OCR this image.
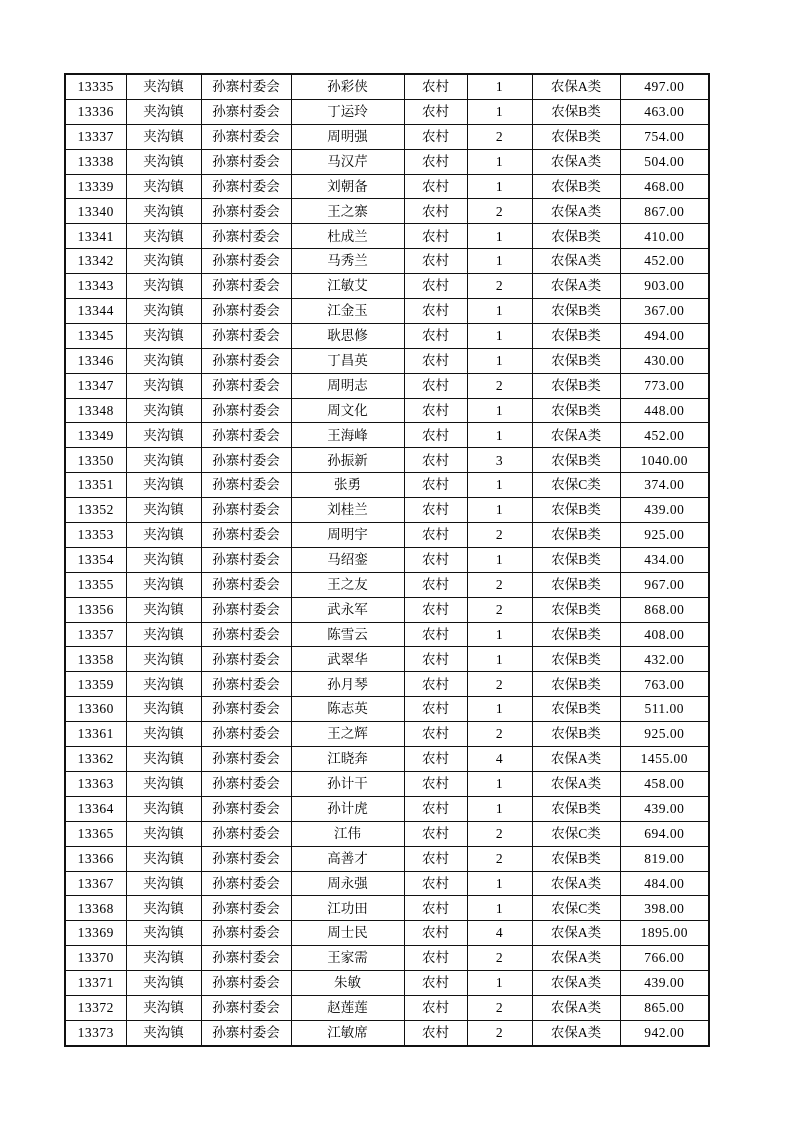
13335	夹沟镇	孙寨村委会	孙彩侠	农村	1	农保A类	497.00
13336	夹沟镇	孙寨村委会	丁运玲	农村	1	农保B类	463.00
13337	夹沟镇	孙寨村委会	周明强	农村	2	农保B类	754.00
13338	夹沟镇	孙寨村委会	马汉芹	农村	1	农保A类	504.00
13339	夹沟镇	孙寨村委会	刘朝备	农村	1	农保B类	468.00
13340	夹沟镇	孙寨村委会	王之寨	农村	2	农保A类	867.00
13341	夹沟镇	孙寨村委会	杜成兰	农村	1	农保B类	410.00
13342	夹沟镇	孙寨村委会	马秀兰	农村	1	农保A类	452.00
13343	夹沟镇	孙寨村委会	江敏艾	农村	2	农保A类	903.00
13344	夹沟镇	孙寨村委会	江金玉	农村	1	农保B类	367.00
13345	夹沟镇	孙寨村委会	耿思修	农村	1	农保B类	494.00
13346	夹沟镇	孙寨村委会	丁昌英	农村	1	农保B类	430.00
13347	夹沟镇	孙寨村委会	周明志	农村	2	农保B类	773.00
13348	夹沟镇	孙寨村委会	周文化	农村	1	农保B类	448.00
13349	夹沟镇	孙寨村委会	王海峰	农村	1	农保A类	452.00
13350	夹沟镇	孙寨村委会	孙振新	农村	3	农保B类	1040.00
13351	夹沟镇	孙寨村委会	张勇	农村	1	农保C类	374.00
13352	夹沟镇	孙寨村委会	刘桂兰	农村	1	农保B类	439.00
13353	夹沟镇	孙寨村委会	周明宇	农村	2	农保B类	925.00
13354	夹沟镇	孙寨村委会	马绍銮	农村	1	农保B类	434.00
13355	夹沟镇	孙寨村委会	王之友	农村	2	农保B类	967.00
13356	夹沟镇	孙寨村委会	武永军	农村	2	农保B类	868.00
13357	夹沟镇	孙寨村委会	陈雪云	农村	1	农保B类	408.00
13358	夹沟镇	孙寨村委会	武翠华	农村	1	农保B类	432.00
13359	夹沟镇	孙寨村委会	孙月琴	农村	2	农保B类	763.00
13360	夹沟镇	孙寨村委会	陈志英	农村	1	农保B类	511.00
13361	夹沟镇	孙寨村委会	王之辉	农村	2	农保B类	925.00
13362	夹沟镇	孙寨村委会	江晓奔	农村	4	农保A类	1455.00
13363	夹沟镇	孙寨村委会	孙计干	农村	1	农保A类	458.00
13364	夹沟镇	孙寨村委会	孙计虎	农村	1	农保B类	439.00
13365	夹沟镇	孙寨村委会	江伟	农村	2	农保C类	694.00
13366	夹沟镇	孙寨村委会	高善才	农村	2	农保B类	819.00
13367	夹沟镇	孙寨村委会	周永强	农村	1	农保A类	484.00
13368	夹沟镇	孙寨村委会	江功田	农村	1	农保C类	398.00
13369	夹沟镇	孙寨村委会	周士民	农村	4	农保A类	1895.00
13370	夹沟镇	孙寨村委会	王家需	农村	2	农保A类	766.00
13371	夹沟镇	孙寨村委会	朱敏	农村	1	农保A类	439.00
13372	夹沟镇	孙寨村委会	赵莲莲	农村	2	农保A类	865.00
13373	夹沟镇	孙寨村委会	江敏席	农村	2	农保A类	942.00
